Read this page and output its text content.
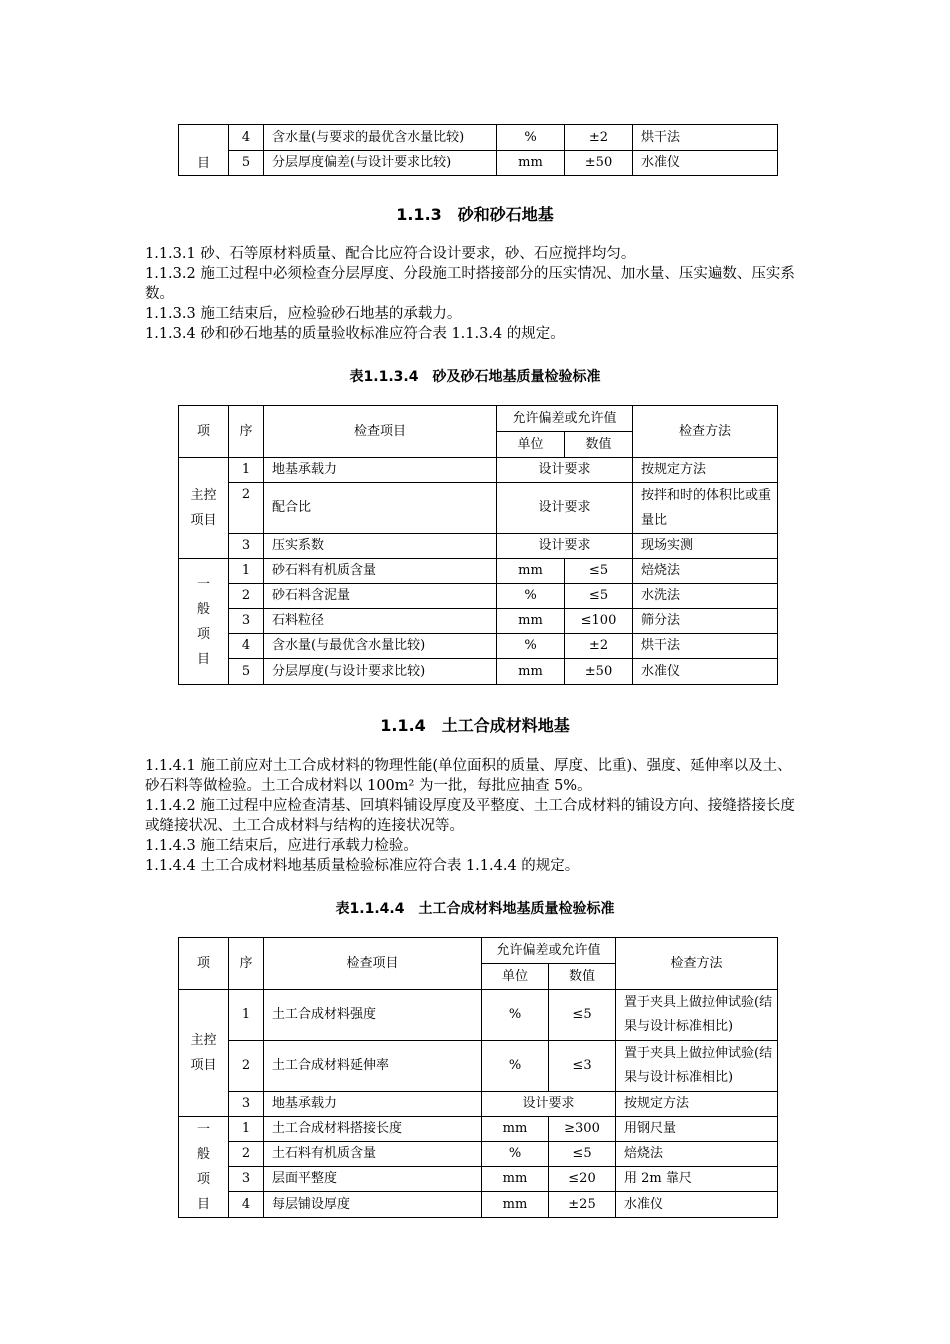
目	4	含水量(与要求的最优含水量比较)	%	±2	烘干法
	5	分层厚度偏差(与设计要求比较)	mm	±50	水准仪
1.1.3　砂和砂石地基

1.1.3.1 砂、石等原材料质量、配合比应符合设计要求，砂、石应搅拌均匀。

1.1.3.2 施工过程中必须检查分层厚度、分段施工时搭接部分的压实情况、加水量、压实遍数、压实系数。

1.1.3.3 施工结束后，应检验砂石地基的承载力。

1.1.3.4 砂和砂石地基的质量验收标准应符合表 1.1.3.4 的规定。

表1.1.3.4　砂及砂石地基质量检验标准
项	序	检查项目	允许偏差或允许值		检查方法
			单位	数值	

主控项目	1	地基承载力	设计要求		按规定方法
	2	配合比	设计要求		按拌和时的体积比或重量比
	3	压实系数	设计要求		现场实测

一
般
项
目	1	砂石料有机质含量	mm	≤5	焙烧法
	2	砂石料含泥量	%	≤5	水洗法
	3	石料粒径	mm	≤100	筛分法
	4	含水量(与最优含水量比较)	%	±2	烘干法
	5	分层厚度(与设计要求比较)	mm	±50	水准仪
1.1.4　土工合成材料地基

1.1.4.1 施工前应对土工合成材料的物理性能(单位面积的质量、厚度、比重)、强度、延伸率以及土、砂石料等做检验。土工合成材料以 100m² 为一批，每批应抽查 5%。

1.1.4.2 施工过程中应检查清基、回填料铺设厚度及平整度、土工合成材料的铺设方向、接缝搭接长度或缝接状况、土工合成材料与结构的连接状况等。

1.1.4.3 施工结束后，应进行承载力检验。

1.1.4.4 土工合成材料地基质量检验标准应符合表 1.1.4.4 的规定。

表1.1.4.4　土工合成材料地基质量检验标准
项	序	检查项目	允许偏差或允许值		检查方法
			单位	数值	

主控项目	1	土工合成材料强度	%	≤5	置于夹具上做拉伸试验(结果与设计标准相比)
	2	土工合成材料延伸率	%	≤3	置于夹具上做拉伸试验(结果与设计标准相比)
	3	地基承载力	设计要求		按规定方法

一
般
项
目	1	土工合成材料搭接长度	mm	≥300	用钢尺量
	2	土石料有机质含量	%	≤5	焙烧法
	3	层面平整度	mm	≤20	用 2m 靠尺
	4	每层铺设厚度	mm	±25	水准仪
